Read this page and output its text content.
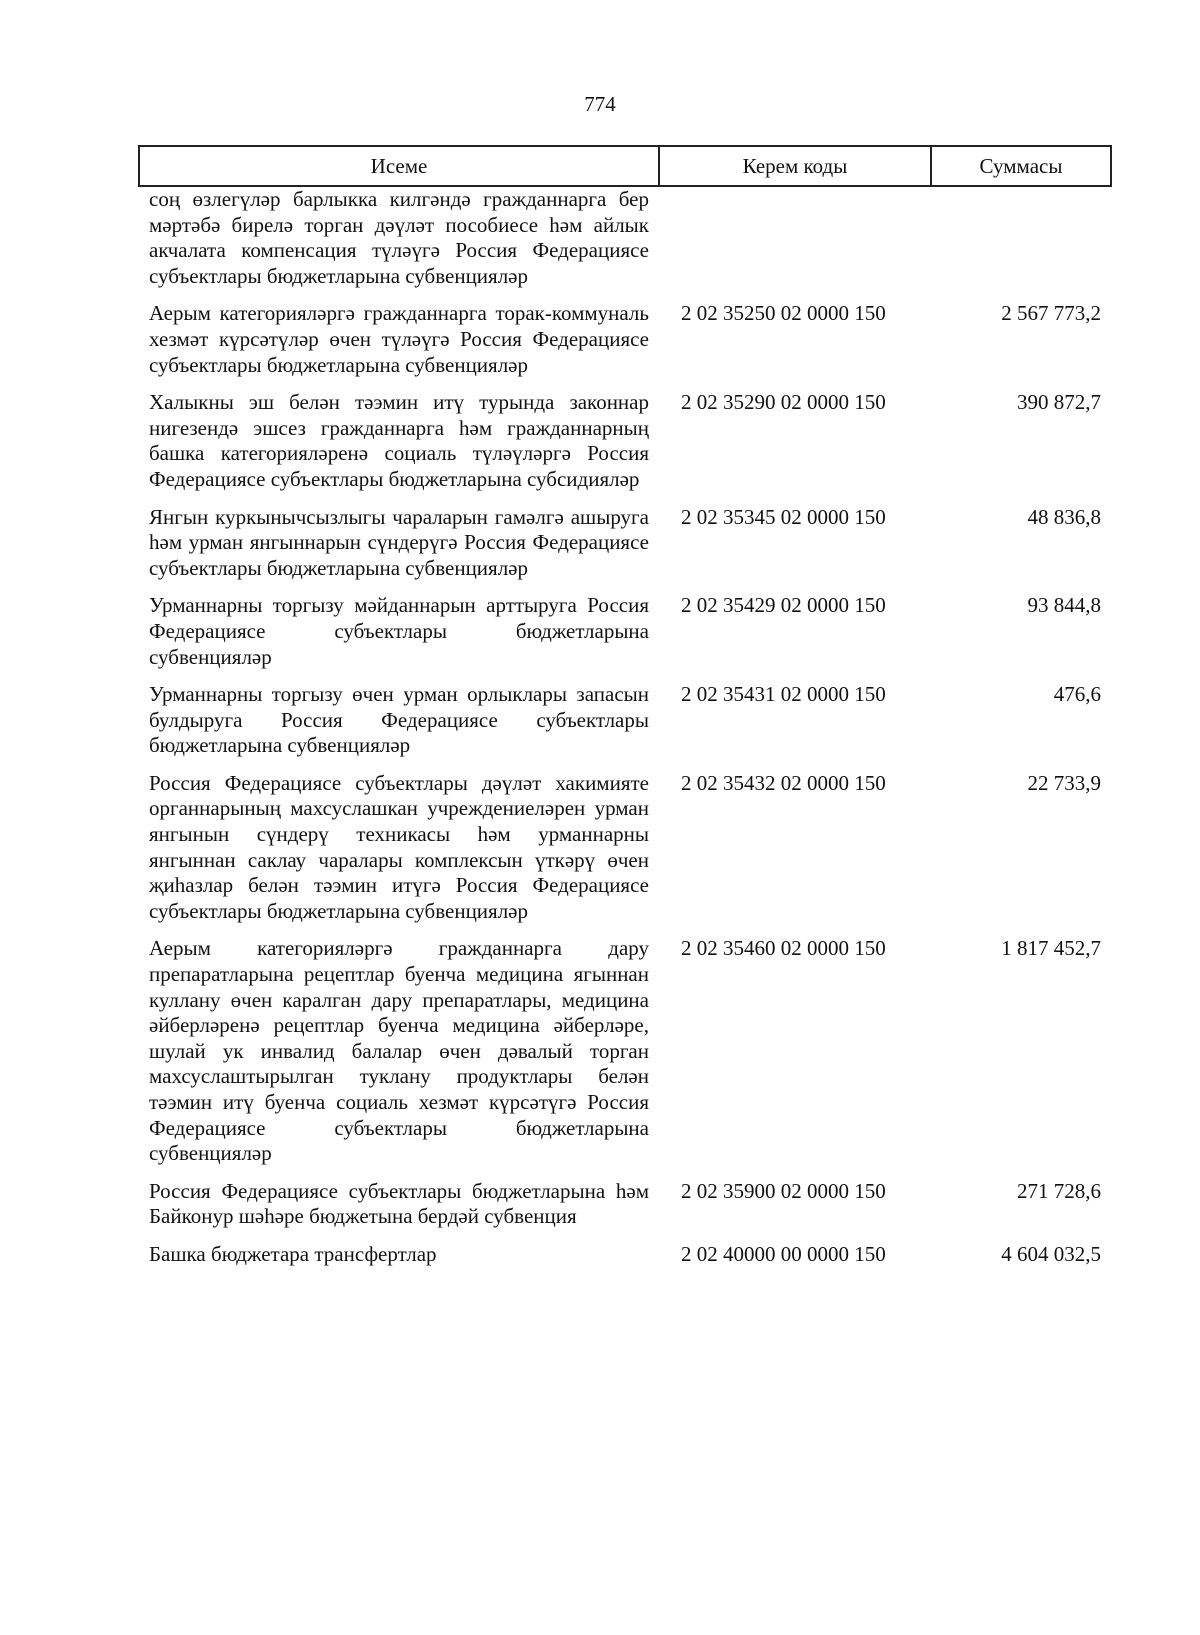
774
Исеме	Керем коды	Суммасы
соң өзлегүләр барлыкка килгәндә гражданнарга бер мәртәбә бирелә торган дәүләт пособиесе һәм айлык акчалата компенсация түләүгә Россия Федерациясе субъектлары бюджетларына субвенцияләр		
Аерым категорияләргә гражданнарга торак-коммуналь хезмәт күрсәтүләр өчен түләүгә Россия Федерациясе субъектлары бюджетларына субвенцияләр	2 02 35250 02 0000 150	2 567 773,2
Халыкны эш белән тәэмин итү турында законнар нигезендә эшсез гражданнарга һәм гражданнарның башка категорияләренә социаль түләүләргә Россия Федерациясе субъектлары бюджетларына субсидияләр	2 02 35290 02 0000 150	390 872,7
Янгын куркынычсызлыгы чараларын гамәлгә ашыруга һәм урман янгыннарын сүндерүгә Россия Федерациясе субъектлары бюджетларына субвенцияләр	2 02 35345 02 0000 150	48 836,8
Урманнарны торгызу мәйданнарын арттыруга Россия Федерациясе субъектлары бюджетларына субвенцияләр	2 02 35429 02 0000 150	93 844,8
Урманнарны торгызу өчен урман орлыклары запасын булдыруга Россия Федерациясе субъектлары бюджетларына субвенцияләр	2 02 35431 02 0000 150	476,6
Россия Федерациясе субъектлары дәүләт хакимияте органнарының махсуслашкан учреждениеләрен урман янгынын сүндерү техникасы һәм урманнарны янгыннан саклау чаралары комплексын үткәрү өчен җиһазлар белән тәэмин итүгә Россия Федерациясе субъектлары бюджетларына субвенцияләр	2 02 35432 02 0000 150	22 733,9
Аерым категорияләргә гражданнарга дару препаратларына рецептлар буенча медицина ягыннан куллану өчен каралган дару препаратлары, медицина әйберләренә рецептлар буенча медицина әйберләре, шулай ук инвалид балалар өчен дәвалый торган махсуслаштырылган туклану продуктлары белән тәэмин итү буенча социаль хезмәт күрсәтүгә Россия Федерациясе субъектлары бюджетларына субвенцияләр	2 02 35460 02 0000 150	1 817 452,7
Россия Федерациясе субъектлары бюджетларына һәм Байконур шәһәре бюджетына бердәй субвенция	2 02 35900 02 0000 150	271 728,6
Башка бюджетара трансфертлар	2 02 40000 00 0000 150	4 604 032,5
